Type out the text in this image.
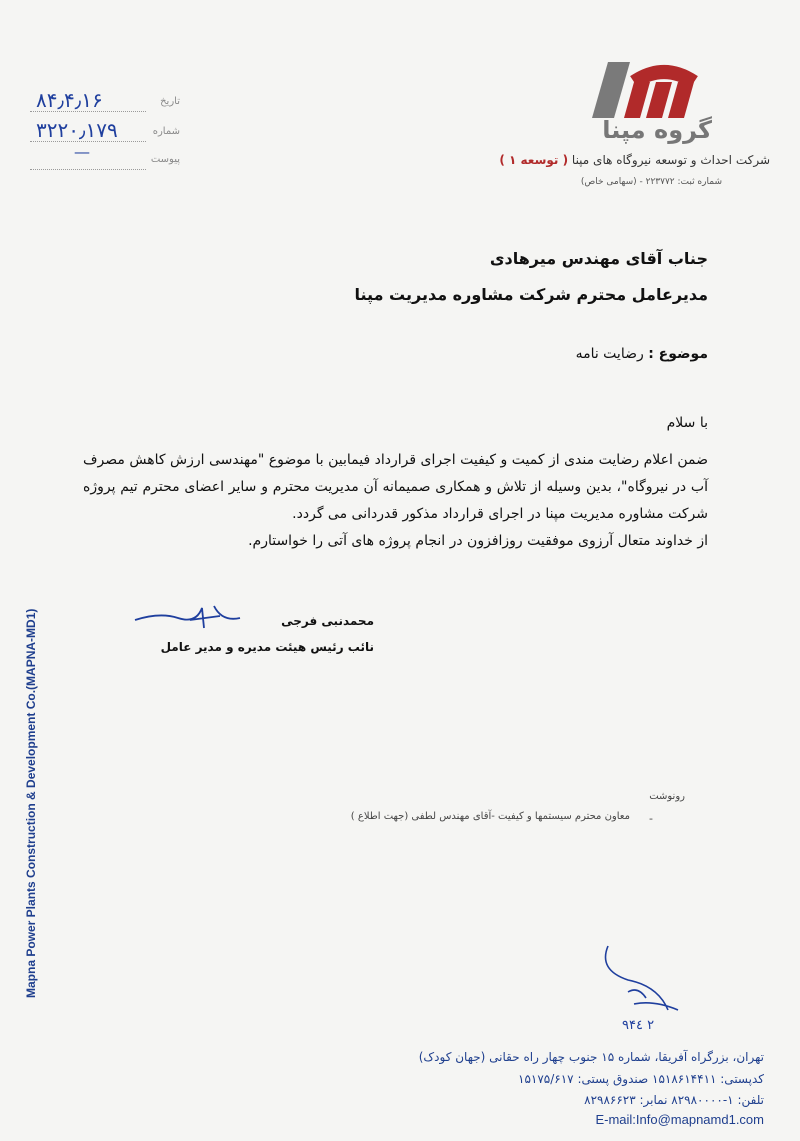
۸۴٫۴٫۱۶	تاریخ
۳۲۲۰٫۱۷۹	شماره
—	پیوست
گروه مپنا
شرکت احداث و توسعه نیروگاه های مپنا ( توسعه ۱ )
شماره ثبت: ۲۲۳۷۷۲ - (سهامی خاص)
جناب آقای مهندس میرهادی
مدیرعامل محترم شرکت مشاوره مدیریت مپنا
موضوع : رضایت نامه
با سلام

ضمن اعلام رضایت مندی از کمیت و کیفیت اجرای قرارداد فیمابین با موضوع "مهندسی ارزش کاهش مصرف آب در نیروگاه"، بدین وسیله از تلاش و همکاری صمیمانه آن مدیریت محترم و سایر اعضای محترم تیم پروژه شرکت مشاوره مدیریت مپنا در اجرای قرارداد مذکور قدردانی می گردد.

از خداوند متعال آرزوی موفقیت روزافزون در انجام پروژه های آتی را خواستارم.

محمدنبی فرجی
نائب رئیس هیئت مدیره و مدیر عامل
رونوشت
-
معاون محترم سیستمها و کیفیت -آقای مهندس لطفی (جهت اطلاع )
Mapna Power Plants Construction & Development Co.(MAPNA-MD1)
۹۴٤ ۲
تهران، بزرگراه آفریقا، شماره ۱۵ جنوب چهار راه حقانی (جهان کودک)
کدپستی: ۱۵۱۸۶۱۴۴۱۱ صندوق پستی: ۱۵۱۷۵/۶۱۷
تلفن: ۱-۸۲۹۸۰۰۰۰ نمابر: ۸۲۹۸۶۶۲۳
E-mail:Info@mapnamd1.com
